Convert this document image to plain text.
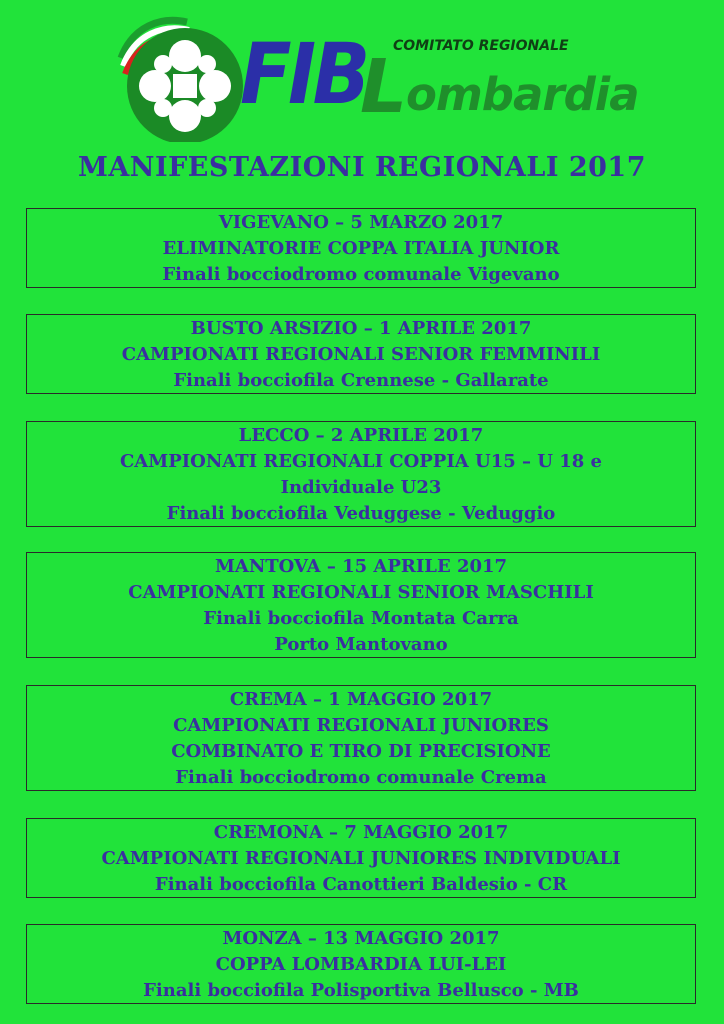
FIB COMITATO REGIONALE
L
ombardia
MANIFESTAZIONI REGIONALI 2017
VIGEVANO – 5 MARZO 2017
ELIMINATORIE COPPA ITALIA JUNIOR
Finali bocciodromo comunale Vigevano
BUSTO ARSIZIO – 1 APRILE 2017
CAMPIONATI REGIONALI SENIOR FEMMINILI
Finali bocciofila Crennese - Gallarate
LECCO – 2 APRILE 2017
CAMPIONATI REGIONALI COPPIA U15 – U 18 e
Individuale U23
Finali bocciofila Veduggese - Veduggio
MANTOVA – 15 APRILE 2017
CAMPIONATI REGIONALI SENIOR MASCHILI
Finali bocciofila Montata Carra
Porto Mantovano
CREMA – 1 MAGGIO 2017
CAMPIONATI REGIONALI JUNIORES
COMBINATO E TIRO DI PRECISIONE
Finali bocciodromo comunale Crema
CREMONA – 7 MAGGIO 2017
CAMPIONATI REGIONALI JUNIORES INDIVIDUALI
Finali bocciofila Canottieri Baldesio - CR
MONZA – 13 MAGGIO 2017
COPPA LOMBARDIA LUI-LEI
Finali bocciofila Polisportiva Bellusco - MB
